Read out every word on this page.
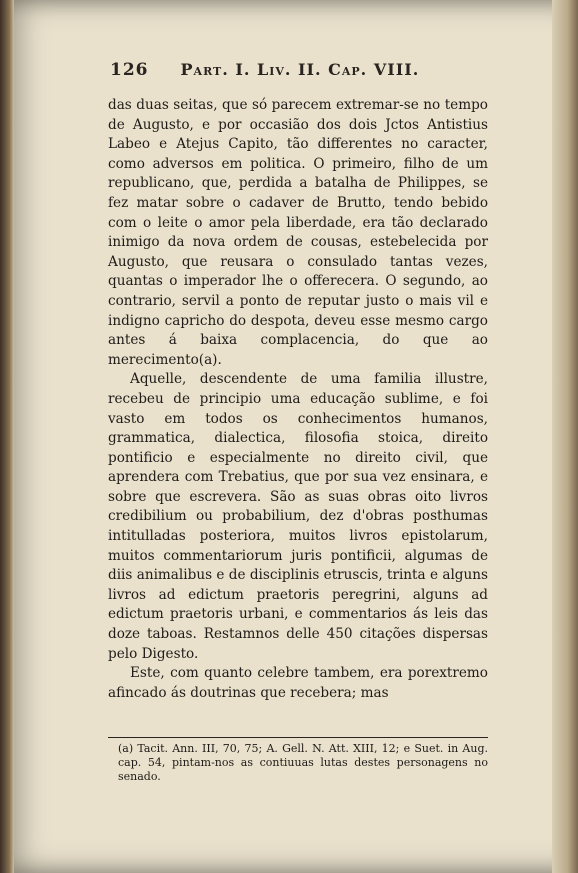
126 Part. I. Liv. II. Cap. VIII.

das duas seitas, que só parecem extremar-se no tempo de Augusto, e por occasião dos dois Jctos Antistius Labeo e Atejus Capito, tão differentes no caracter, como adversos em politica. O primeiro, filho de um republicano, que, perdida a batalha de Philippes, se fez matar sobre o cadaver de Brutto, tendo bebido com o leite o amor pela liberdade, era tão declarado inimigo da nova ordem de cousas, estebelecida por Augusto, que reusara o consulado tantas vezes, quantas o imperador lhe o offerecera. O segundo, ao contrario, servil a ponto de reputar justo o mais vil e indigno capricho do despota, deveu esse mesmo cargo antes á baixa complacencia, do que ao merecimento(a).

Aquelle, descendente de uma familia illustre, recebeu de principio uma educação sublime, e foi vasto em todos os conhecimentos humanos, grammatica, dialectica, filosofia stoica, direito pontificio e especialmente no direito civil, que aprendera com Trebatius, que por sua vez ensinara, e sobre que escrevera. São as suas obras oito livros credibilium ou probabilium, dez d'obras posthumas intitulladas posteriora, muitos livros epistolarum, muitos commentariorum juris pontificii, algumas de diis animalibus e de disciplinis etruscis, trinta e alguns livros ad edictum praetoris peregrini, alguns ad edictum praetoris urbani, e commentarios ás leis das doze taboas. Restamnos delle 450 citações dispersas pelo Digesto.

Este, com quanto celebre tambem, era porextremo afincado ás doutrinas que recebera; mas

(a) Tacit. Ann. III, 70, 75; A. Gell. N. Att. XIII, 12; e Suet. in Aug. cap. 54, pintam-nos as contiuuas lutas destes personagens no senado.
